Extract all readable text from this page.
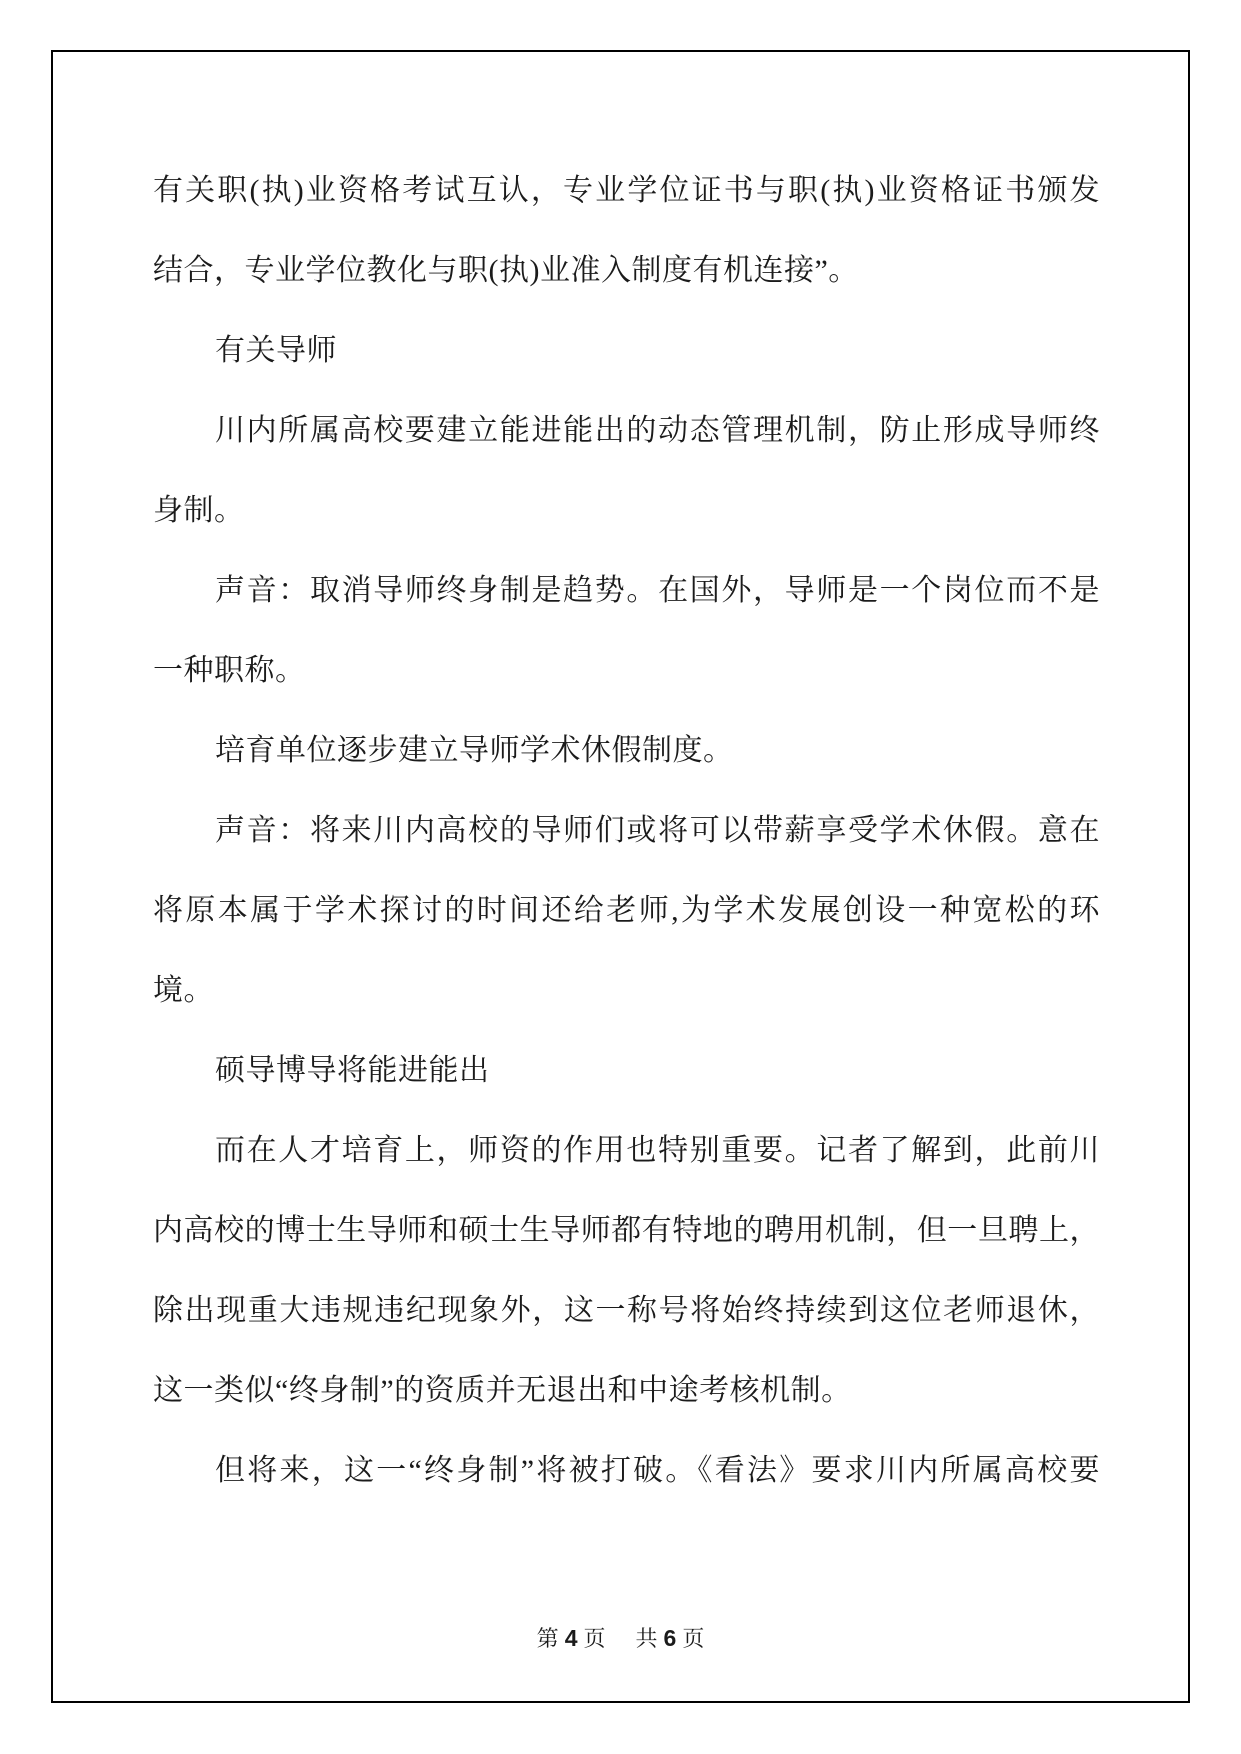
有关职(执)业资格考试互认，专业学位证书与职(执)业资格证书颁发
结合，专业学位教化与职(执)业准入制度有机连接”。
有关导师
川内所属高校要建立能进能出的动态管理机制，防止形成导师终
身制。
声音：取消导师终身制是趋势。在国外，导师是一个岗位而不是
一种职称。
培育单位逐步建立导师学术休假制度。
声音：将来川内高校的导师们或将可以带薪享受学术休假。意在
将原本属于学术探讨的时间还给老师,为学术发展创设一种宽松的环
境。
硕导博导将能进能出
而在人才培育上，师资的作用也特别重要。记者了解到，此前川
内高校的博士生导师和硕士生导师都有特地的聘用机制，但一旦聘上，
除出现重大违规违纪现象外，这一称号将始终持续到这位老师退休，
这一类似“终身制”的资质并无退出和中途考核机制。
但将来，这一“终身制”将被打破。《看法》要求川内所属高校要
第 4 页 共 6 页
